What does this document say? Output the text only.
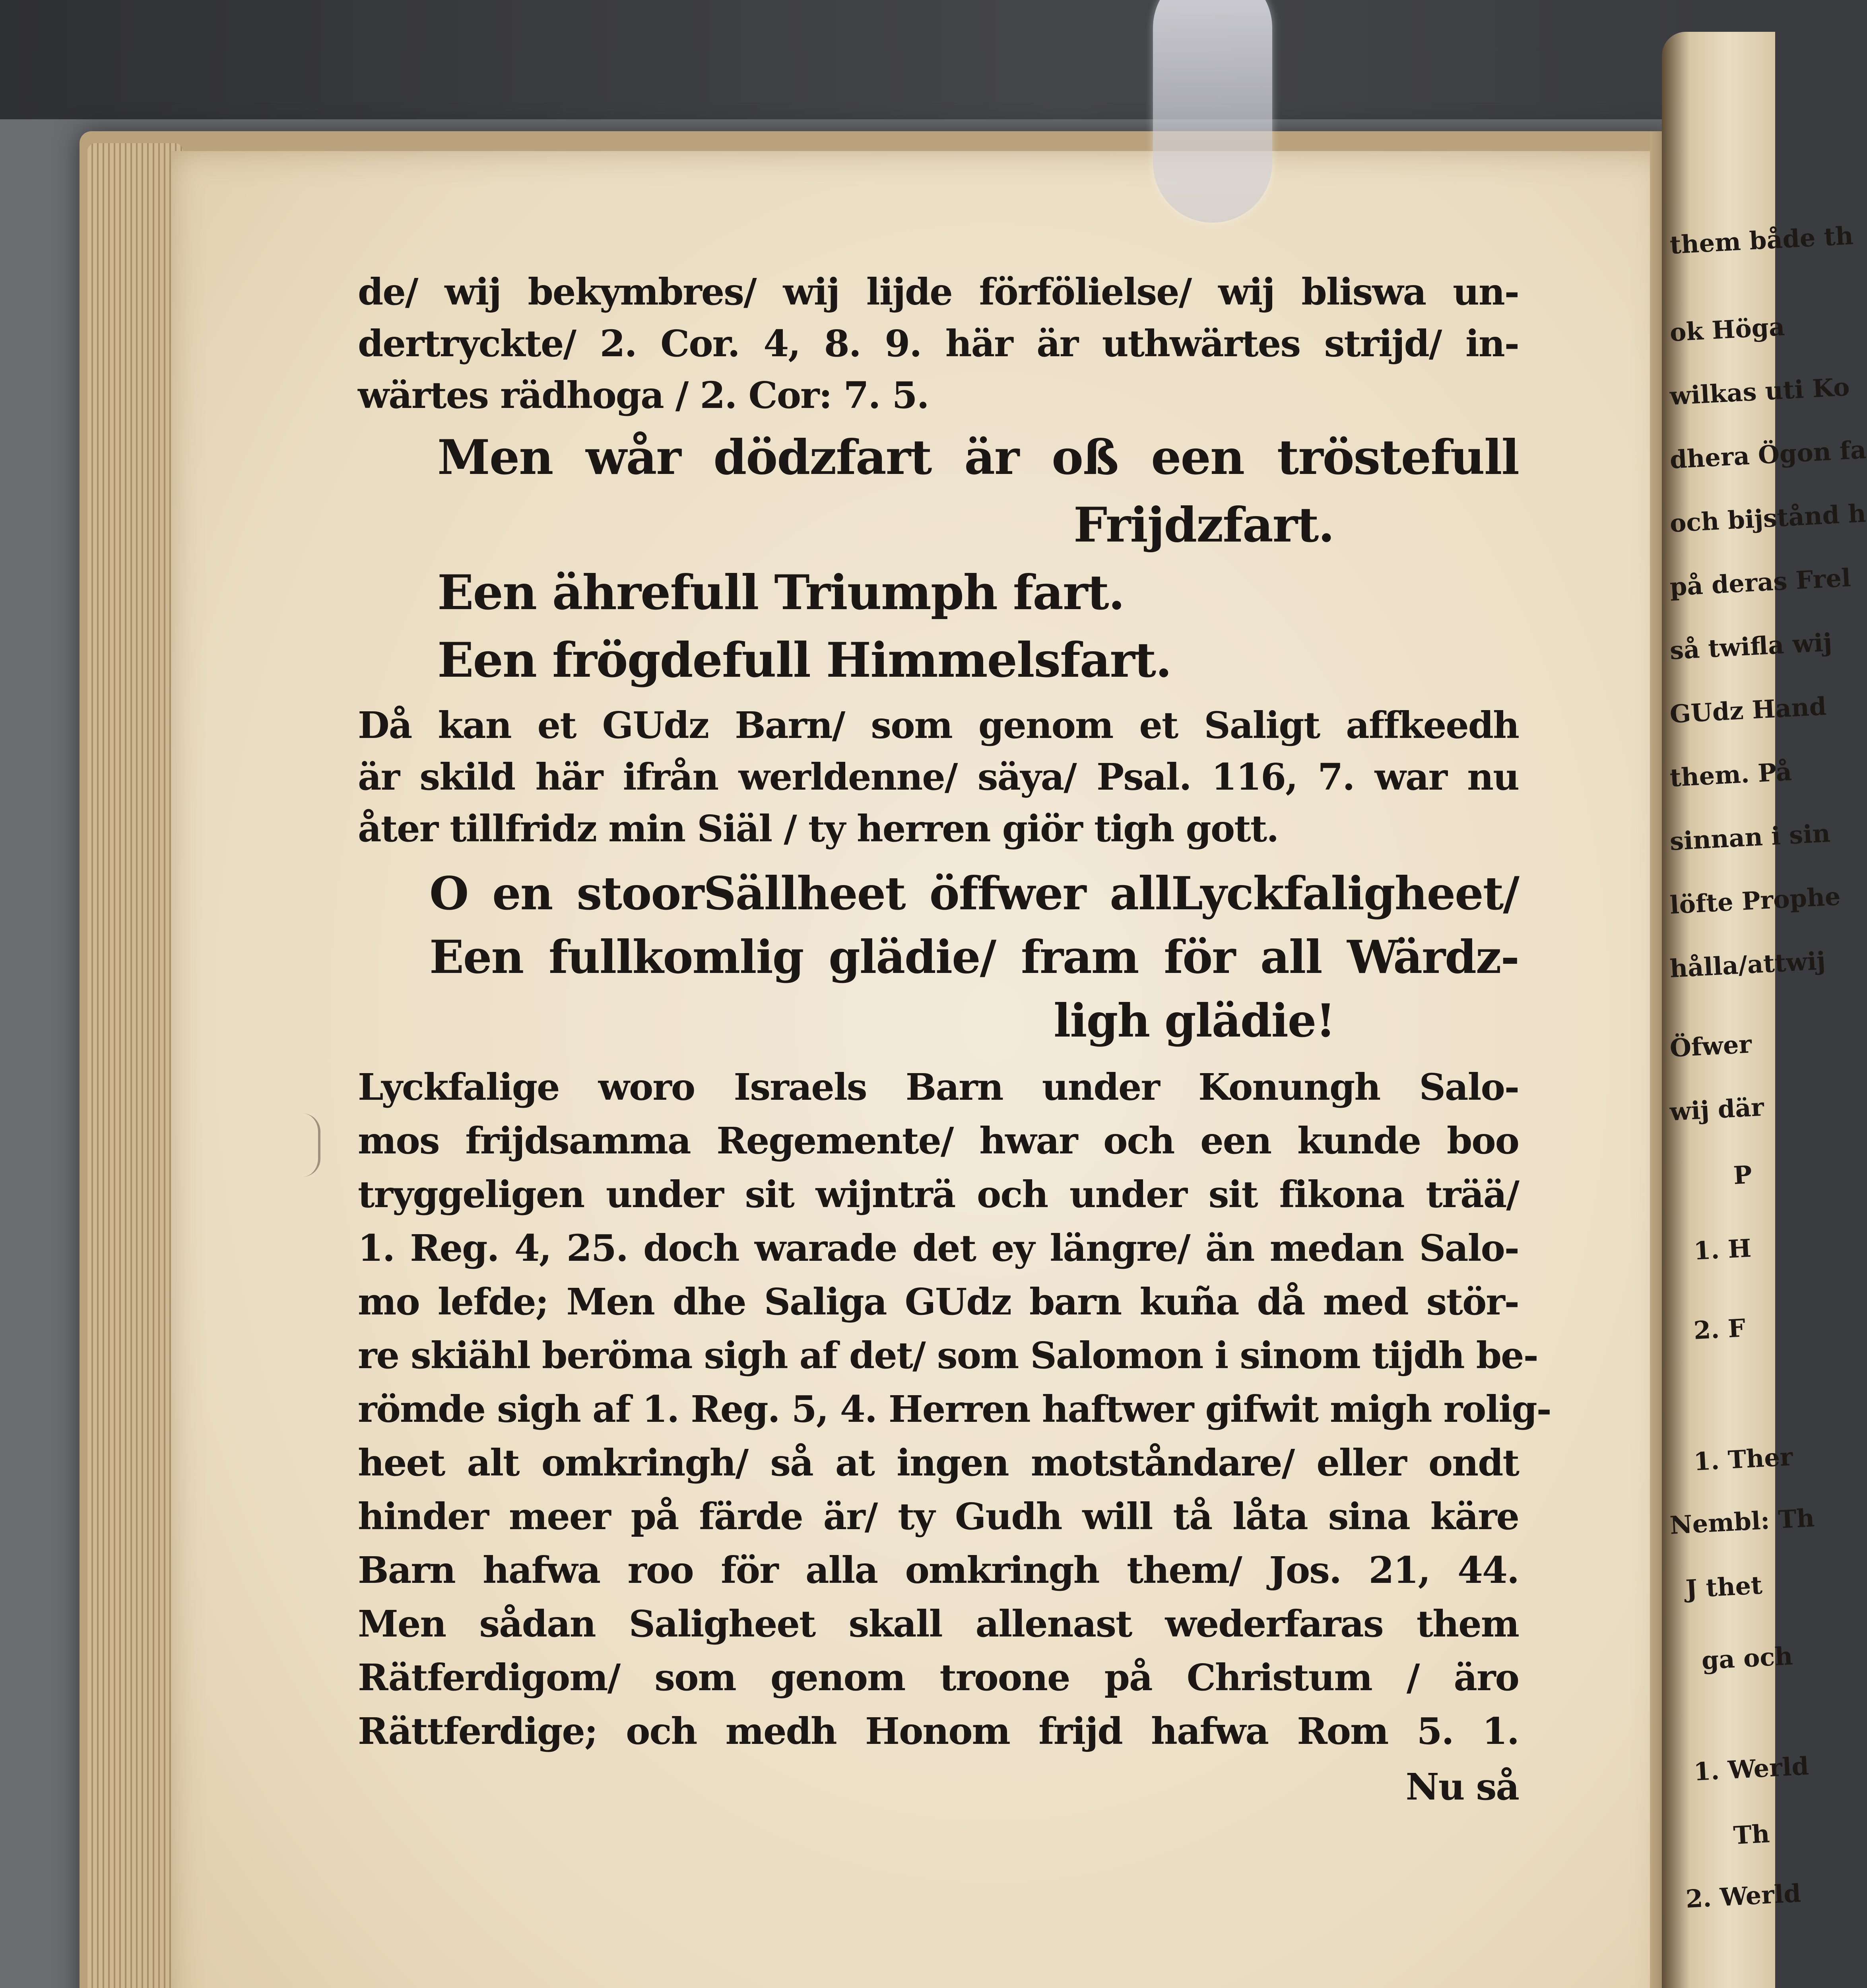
them både th
ok Höga
wilkas uti Ko
dhera Ögon fa
och bijstånd h
på deras Frel
så twifla wij
GUdz Hand
them. På
sinnan i sin
löfte Prophe
hålla/attwij
Öfwer
wij där
P
1. H
2. F
1. Ther
Nembl: Th
J thet
ga och
1. Werld
Th
2. Werld
de/ wij bekymbres/ wij lijde förfölielse/ wij bliswa un-
dertryckte/ 2. Cor. 4, 8. 9. här är uthwärtes strijd/ in-
wärtes rädhoga / 2. Cor: 7. 5.
Men wår dödzfart är oß een tröstefull
Frijdzfart.
Een ährefull Triumph fart.
Een frögdefull Himmelsfart.
Då kan et GUdz Barn/ som genom et Saligt affkeedh
är skild här ifrån werldenne/ säya/ Psal. 116, 7. war nu
åter tillfridz min Siäl / ty herren giör tigh gott.
O en stoorSällheet öffwer allLyckfaligheet/
Een fullkomlig glädie/ fram för all Wärdz-
ligh glädie!
Lyckfalige woro Israels Barn under Konungh Salo-
mos frijdsamma Regemente/ hwar och een kunde boo
tryggeligen under sit wijnträ och under sit fikona trää/
1. Reg. 4, 25. doch warade det ey längre/ än medan Salo-
mo lefde; Men dhe Saliga GUdz barn kuña då med stör-
re skiähl beröma sigh af det/ som Salomon i sinom tijdh be-
römde sigh af 1. Reg. 5, 4. Herren haftwer gifwit migh rolig-
heet alt omkringh/ så at ingen motståndare/ eller ondt
hinder meer på färde är/ ty Gudh will tå låta sina käre
Barn hafwa roo för alla omkringh them/ Jos. 21, 44.
Men sådan Saligheet skall allenast wederfaras them
Rätferdigom/ som genom troone på Christum / äro
Rättferdige; och medh Honom frijd hafwa Rom 5. 1.
Nu så
